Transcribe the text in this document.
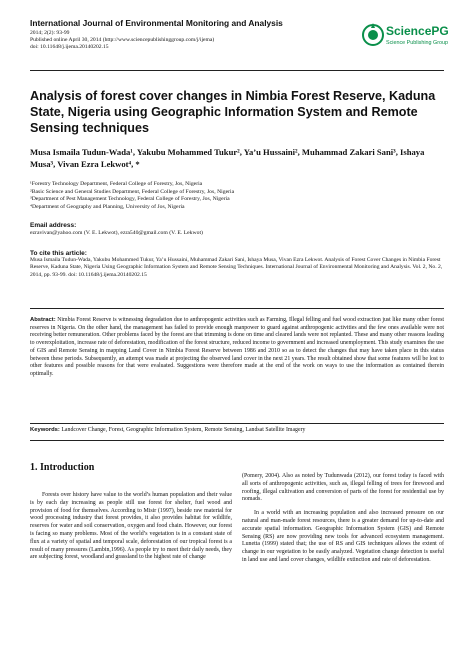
International Journal of Environmental Monitoring and Analysis

2014; 2(2): 93-99

Published online April 30, 2014 (http://www.sciencepublishinggroup.com/j/ijema)

doi: 10.11648/j.ijema.20140202.15

SciencePG
Science Publishing Group
Analysis of forest cover changes in Nimbia Forest Reserve, Kaduna State, Nigeria using Geographic Information System and Remote Sensing techniques

Musa Ismaila Tudun-Wada¹, Yakubu Mohammed Tukur², Ya’u Hussaini², Muhammad Zakari Sani³, Ishaya Musa³, Vivan Ezra Lekwot⁴, *

¹Forestry Technology Department, Federal College of Forestry, Jos, Nigeria

²Basic Science and General Studies Department, Federal College of Forestry, Jos, Nigeria

³Department of Pest Management Technology, Federal College of Forestry, Jos, Nigeria

⁴Department of Geography and Planning, University of Jos, Nigeria

Email address:

ezravivan@yahoo.com (V. E. Lekwot), ezra540@gmail.com (V. E. Lekwot)

To cite this article:

Musa Ismaila Tudun-Wada, Yakubu Mohammed Tukur, Ya’u Hussaini, Muhammad Zakari Sani, Ishaya Musa, Vivan Ezra Lekwot. Analysis of Forest Cover Changes in Nimbia Forest Reserve, Kaduna State, Nigeria Using Geographic Information System and Remote Sensing Techniques. International Journal of Environmental Monitoring and Analysis. Vol. 2, No. 2, 2014, pp. 93-99. doi: 10.11648/j.ijema.20140202.15

Abstract: Nimbia Forest Reserve is witnessing degradation due to anthropogenic activities such as Farming, Illegal felling and fuel wood extraction just like many other forest reserves in Nigeria. On the other hand, the management has failed to provide enough manpower to guard against anthropogenic activities and the few ones available were not receiving better remuneration. Other problems faced by the forest are that trimming is done on time and cleared lands were not replanted. These and many other reasons leading to overexploitation, increase rate of deforestation, modification of the forest structure, reduced income to government and increased unemployment. This study examines the use of GIS and Remote Sensing in mapping Land Cover in Nimbia Forest Reserve between 1986 and 2010 so as to detect the changes that may have taken place in this status between these periods. Subsequently, an attempt was made at projecting the observed land cover in the next 21 years. The result obtained show that some features will be lost to other features and possible reasons for that were evaluated. Suggestions were therefore made at the end of the work on ways to use the information as contained therein optimally.

Keywords: Landcover Change, Forest, Geographic Information System, Remote Sensing, Landsat Satellite Imagery

1. Introduction

Forests over history have value to the world’s human population and their value is by each day increasing as people still use forest for shelter, fuel wood and provision of food for themselves. According to Misir (1997), beside raw material for wood processing industry that forest provides, it also provides habitat for wildlife, reserves for water and soil conservation, oxygen and food chain. However, our forest is facing so many problems. Most of the world’s vegetation is in a constant state of flux at a variety of spatial and temporal scale, deforestation of our tropical forest is a result of many pressures (Lambin,1996). As people try to meet their daily needs, they are subjecting forest, woodland and grassland to the highest rate of change

(Pomery, 2004). Also as noted by Tudunwada (2012), our forest today is faced with all sorts of anthropogenic activities, such as, illegal felling of trees for firewood and roofing, illegal cultivation and conversion of parts of the forest for residential use by nomads.

In a world with an increasing population and also increased pressure on our natural and man-made forest resources, there is a greater demand for up-to-date and accurate spatial information. Geographic Information System (GIS) and Remote Sensing (RS) are now providing new tools for advanced ecosystem management. Lunetta (1999) stated that; the use of RS and GIS techniques allows the extent of change in our vegetation to be easily analyzed. Vegetation change detection is useful in land use and land cover changes, wildlife extinction and rate of deforestation.
